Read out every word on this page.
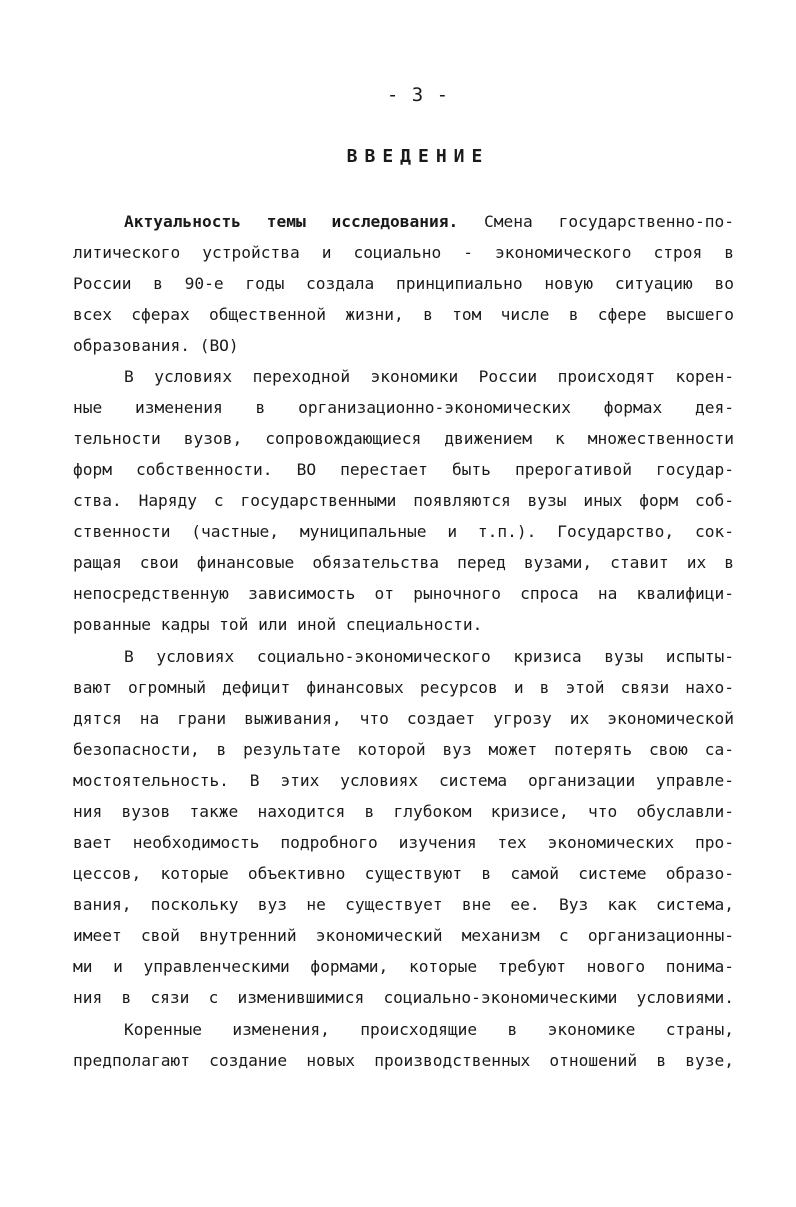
- 3 -
ВВЕДЕНИЕ
Актуальность темы исследования. Смена государственно-по-
литического устройства и социально - экономического строя в
России в 90-е годы создала принципиально новую ситуацию во
всех сферах общественной жизни, в том числе в сфере высшего
образования. (ВО)
В условиях переходной экономики России происходят корен-
ные изменения в организационно-экономических формах дея-
тельности вузов, сопровождающиеся движением к множественности
форм собственности. ВО перестает быть прерогативой государ-
ства. Наряду с государственными появляются вузы иных форм соб-
ственности (частные, муниципальные и т.п.). Государство, сок-
ращая свои финансовые обязательства перед вузами, ставит их в
непосредственную зависимость от рыночного спроса на квалифици-
рованные кадры той или иной специальности.
В условиях социально-экономического кризиса вузы испыты-
вают огромный дефицит финансовых ресурсов и в этой связи нахо-
дятся на грани выживания, что создает угрозу их экономической
безопасности, в результате которой вуз может потерять свою са-
мостоятельность. В этих условиях система организации управле-
ния вузов также находится в глубоком кризисе, что обуславли-
вает необходимость подробного изучения тех экономических про-
цессов, которые объективно существуют в самой системе образо-
вания, поскольку вуз не существует вне ее. Вуз как система,
имеет свой внутренний экономический механизм с организационны-
ми и управленческими формами, которые требуют нового понима-
ния в сязи с изменившимися социально-экономическими условиями.
Коренные изменения, происходящие в экономике страны,
предполагают создание новых производственных отношений в вузе,
